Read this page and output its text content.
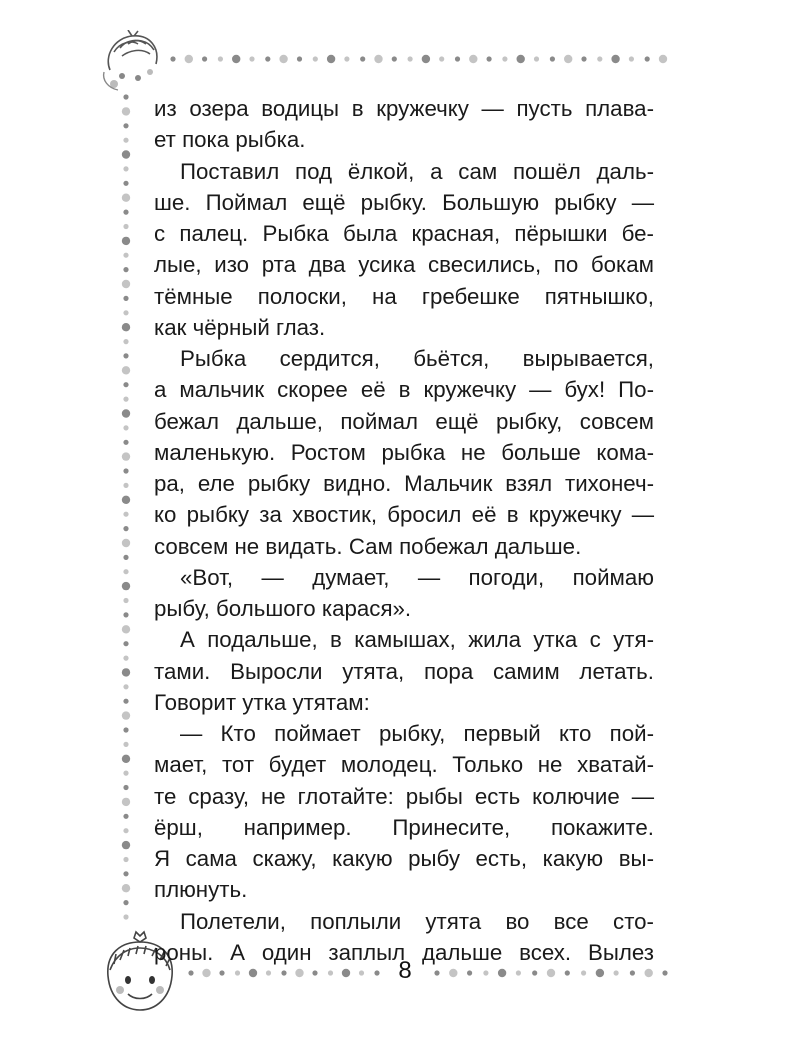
из озера водицы в кружечку — пусть плава-
ет пока рыбка.
Поставил под ёлкой, а сам пошёл даль-
ше. Поймал ещё рыбку. Большую рыбку —
с палец. Рыбка была красная, пёрышки бе-
лые, изо рта два усика свесились, по бокам
тёмные полоски, на гребешке пятнышко,
как чёрный глаз.
Рыбка сердится, бьётся, вырывается,
а мальчик скорее её в кружечку — бух! По-
бежал дальше, поймал ещё рыбку, совсем
маленькую. Ростом рыбка не больше кома-
ра, еле рыбку видно. Мальчик взял тихонеч-
ко рыбку за хвостик, бросил её в кружечку —
совсем не видать. Сам побежал дальше.
«Вот, — думает, — погоди, поймаю
рыбу, большого карася».
А подальше, в камышах, жила утка с утя-
тами. Выросли утята, пора самим летать.
Говорит утка утятам:
— Кто поймает рыбку, первый кто пой-
мает, тот будет молодец. Только не хватай-
те сразу, не глотайте: рыбы есть колючие —
ёрш, например. Принесите, покажите.
Я сама скажу, какую рыбу есть, какую вы-
плюнуть.
Полетели, поплыли утята во все сто-
роны. А один заплыл дальше всех. Вылез
8
